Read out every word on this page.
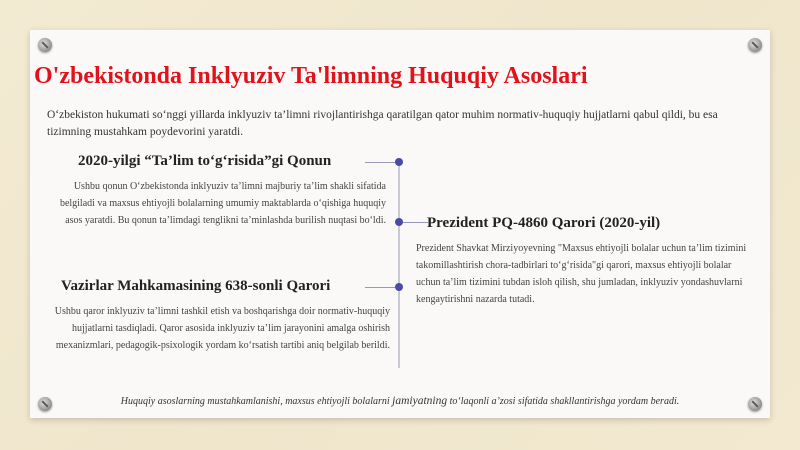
O'zbekistonda Inklyuziv Ta'limning Huquqiy Asoslari

O‘zbekiston hukumati so‘nggi yillarda inklyuziv ta’limni rivojlantirishga qaratilgan qator muhim normativ-huquqiy hujjatlarni qabul qildi, bu esa tizimning mustahkam poydevorini yaratdi.

2020-yilgi “Ta’lim to‘g‘risida”gi Qonun

Ushbu qonun O‘zbekistonda inklyuziv ta’limni majburiy ta’lim shakli sifatida belgiladi va maxsus ehtiyojli bolalarning umumiy maktablarda o‘qishiga huquqiy asos yaratdi. Bu qonun ta’limdagi tenglikni ta’minlashda burilish nuqtasi bo‘ldi.	Prezident PQ-4860 Qarori (2020-yil)

Prezident Shavkat Mirziyoyevning "Maxsus ehtiyojli bolalar uchun ta’lim tizimini takomillashtirish chora-tadbirlari to‘g‘risida"gi qarori, maxsus ehtiyojli bolalar uchun ta’lim tizimini tubdan isloh qilish, shu jumladan, inklyuziv yondashuvlarni kengaytirishni nazarda tutadi.

Vazirlar Mahkamasining 638-sonli Qarori

Ushbu qaror inklyuziv ta’limni tashkil etish va boshqarishga doir normativ-huquqiy hujjatlarni tasdiqladi. Qaror asosida inklyuziv ta’lim jarayonini amalga oshirish mexanizmlari, pedagogik-psixologik yordam ko‘rsatish tartibi aniq belgilab berildi.

Huquqiy asoslarning mustahkamlanishi, maxsus ehtiyojli bolalarni jamiyatning to‘laqonli a’zosi sifatida shakllantirishga yordam beradi.
